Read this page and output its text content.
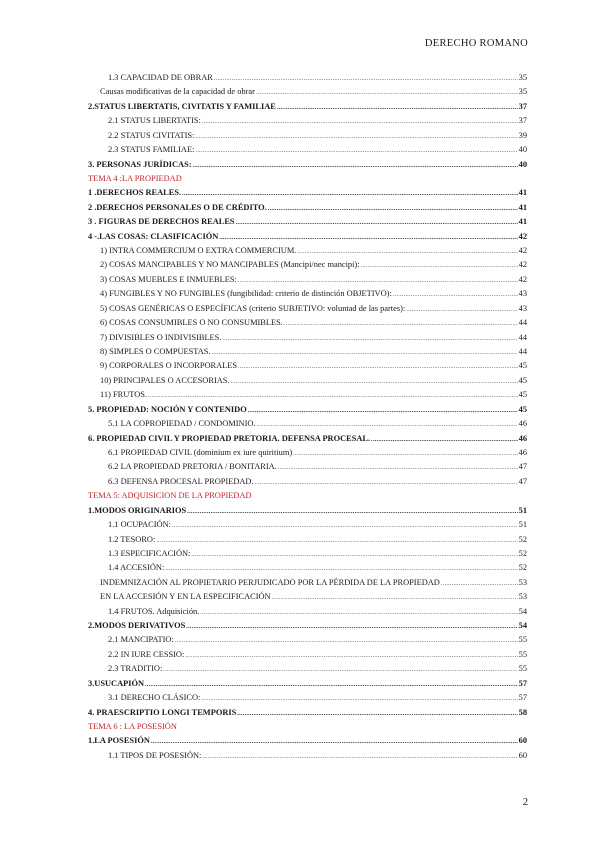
DERECHO ROMANO
1.3 CAPACIDAD DE OBRAR .....	35
Causas modificativas de la capacidad de obrar .....	35
2.STATUS LIBERTATIS, CIVITATIS Y FAMILIAE .....	37
2.1 STATUS LIBERTATIS: .....	37
2.2 STATUS CIVITATIS: .....	39
2.3 STATUS FAMILIAE: .....	40
3. PERSONAS JURÍDICAS: .....	40
TEMA 4 :LA PROPIEDAD
1 .DERECHOS REALES. .....	41
2 .DERECHOS PERSONALES O DE CRÉDITO. .....	41
3 . FIGURAS DE DERECHOS REALES .....	41
4 -.LAS COSAS: CLASIFICACIÓN .....	42
1) INTRA COMMERCIUM O EXTRA COMMERCIUM. .....	42
2) COSAS MANCIPABLES Y NO MANCIPABLES (Mancipi/nec mancipi): .....	42
3) COSAS MUEBLES E INMUEBLES: .....	42
4) FUNGIBLES Y NO FUNGIBLES (fungibilidad: criterio de distinción OBJETIVO): .....	43
5) COSAS GENÉRICAS O ESPECÍFICAS (criterio SUBJETIVO: voluntad de las partes): .....	43
6) COSAS CONSUMIBLES O NO CONSUMIBLES. .....	44
7) DIVISIBLES O INDIVISIBLES. .....	44
8) SIMPLES O COMPUESTAS. .....	44
9) CORPORALES O INCORPORALES .....	45
10) PRINCIPALES O ACCESORIAS. .....	45
11) FRUTOS. .....	45
5. PROPIEDAD: NOCIÓN Y CONTENIDO .....	45
5.1 LA COPROPIEDAD / CONDOMINIO. .....	46
6. PROPIEDAD CIVIL Y PROPIEDAD PRETORIA. DEFENSA PROCESAL. .....	46
6.1 PROPIEDAD CIVIL (dominium ex iure quiritium) .....	46
6.2 LA PROPIEDAD PRETORIA / BONITARIA. .....	47
6.3 DEFENSA PROCESAL PROPIEDAD. .....	47
TEMA 5: ADQUISICION DE LA PROPIEDAD
1.MODOS ORIGINARIOS .....	51
1.1 OCUPACIÓN: .....	51
1.2 TESORO: .....	52
1.3 ESPECIFICACIÓN: .....	52
1.4 ACCESIÓN: .....	52
INDEMNIZACIÓN AL PROPIETARIO PERJUDICADO POR LA PÉRDIDA DE LA PROPIEDAD .....	53
EN LA ACCESIÓN Y EN LA ESPECIFICACIÓN .....	53
1.4 FRUTOS. Adquisición. .....	54
2.MODOS DERIVATIVOS .....	54
2.1 MANCIPATIO: .....	55
2.2 IN IURE CESSIO: .....	55
2.3 TRADITIO: .....	55
3.USUCAPIÓN .....	57
3.1 DERECHO CLÁSICO: .....	57
4. PRAESCRIPTIO LONGI TEMPORIS .....	58
TEMA 6 : LA POSESIÓN
1.LA POSESIÓN .....	60
1.1 TIPOS DE POSESIÓN: .....	60
2
